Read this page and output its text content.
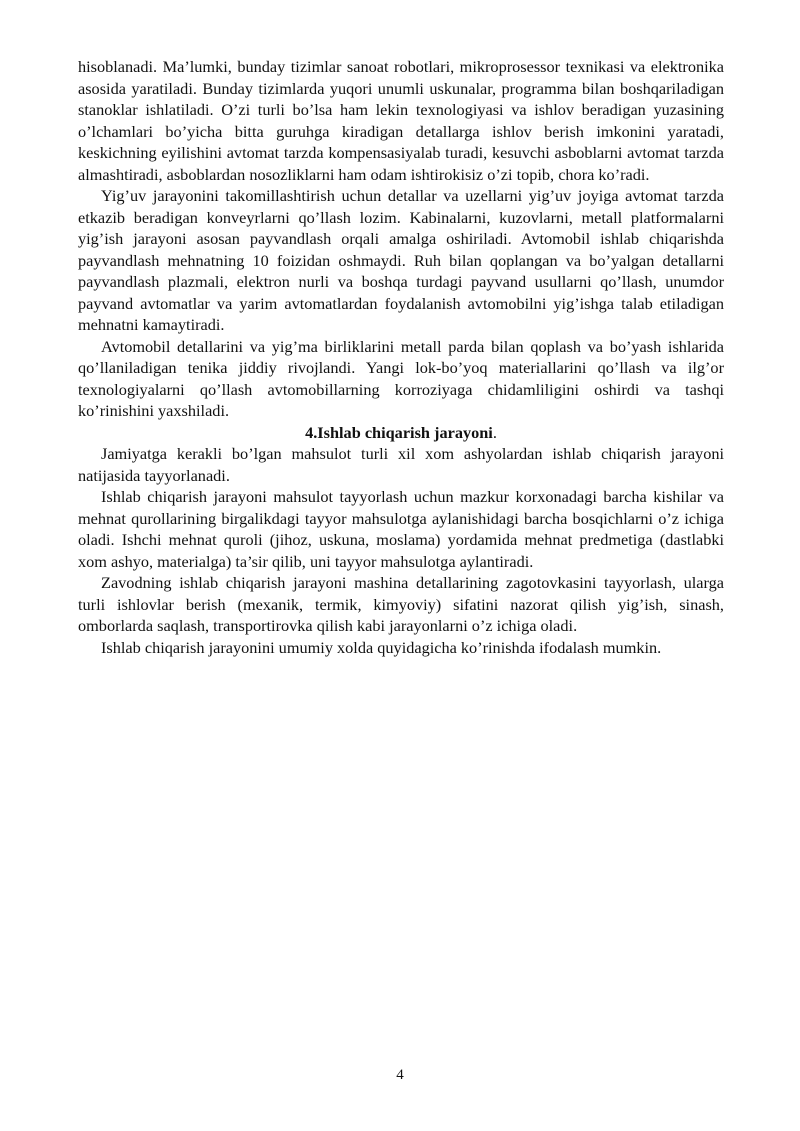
hisoblanadi. Ma’lumki, bunday tizimlar sanoat robotlari, mikroprosessor texnikasi va elektronika asosida yaratiladi. Bunday tizimlarda yuqori unumli uskunalar, programma bilan boshqariladigan stanoklar ishlatiladi. O’zi turli bo’lsa ham lekin texnologiyasi va ishlov beradigan yuzasining o’lchamlari bo’yicha bitta guruhga kiradigan detallarga ishlov berish imkonini yaratadi, keskichning eyilishini avtomat tarzda kompensasiyalab turadi, kesuvchi asboblarni avtomat tarzda almashtiradi, asboblardan nosozliklarni ham odam ishtirokisiz o’zi topib, chora ko’radi.

Yig’uv jarayonini takomillashtirish uchun detallar va uzellarni yig’uv joyiga avtomat tarzda etkazib beradigan konveyrlarni qo’llash lozim. Kabinalarni, kuzovlarni, metall platformalarni yig’ish jarayoni asosan payvandlash orqali amalga oshiriladi. Avtomobil ishlab chiqarishda payvandlash mehnatning 10 foizidan oshmaydi. Ruh bilan qoplangan va bo’yalgan detallarni payvandlash plazmali, elektron nurli va boshqa turdagi payvand usullarni qo’llash, unumdor payvand avtomatlar va yarim avtomatlardan foydalanish avtomobilni yig’ishga talab etiladigan mehnatni kamaytiradi.

Avtomobil detallarini va yig’ma birliklarini metall parda bilan qoplash va bo’yash ishlarida qo’llaniladigan tenika jiddiy rivojlandi. Yangi lok-bo’yoq materiallarini qo’llash va ilg’or texnologiyalarni qo’llash avtomobillarning korroziyaga chidamliligini oshirdi va tashqi ko’rinishini yaxshiladi.

4.Ishlab chiqarish jarayoni.

Jamiyatga kerakli bo’lgan mahsulot turli xil xom ashyolardan ishlab chiqarish jarayoni natijasida tayyorlanadi.

Ishlab chiqarish jarayoni mahsulot tayyorlash uchun mazkur korxonadagi barcha kishilar va mehnat qurollarining birgalikdagi tayyor mahsulotga aylanishidagi barcha bosqichlarni o’z ichiga oladi. Ishchi mehnat quroli (jihoz, uskuna, moslama) yordamida mehnat predmetiga (dastlabki xom ashyo, materialga) ta’sir qilib, uni tayyor mahsulotga aylantiradi.

Zavodning ishlab chiqarish jarayoni mashina detallarining zagotovkasini tayyorlash, ularga turli ishlovlar berish (mexanik, termik, kimyoviy) sifatini nazorat qilish yig’ish, sinash, omborlarda saqlash, transportirovka qilish kabi jarayonlarni o’z ichiga oladi.

Ishlab chiqarish jarayonini umumiy xolda quyidagicha ko’rinishda ifodalash mumkin.

4
